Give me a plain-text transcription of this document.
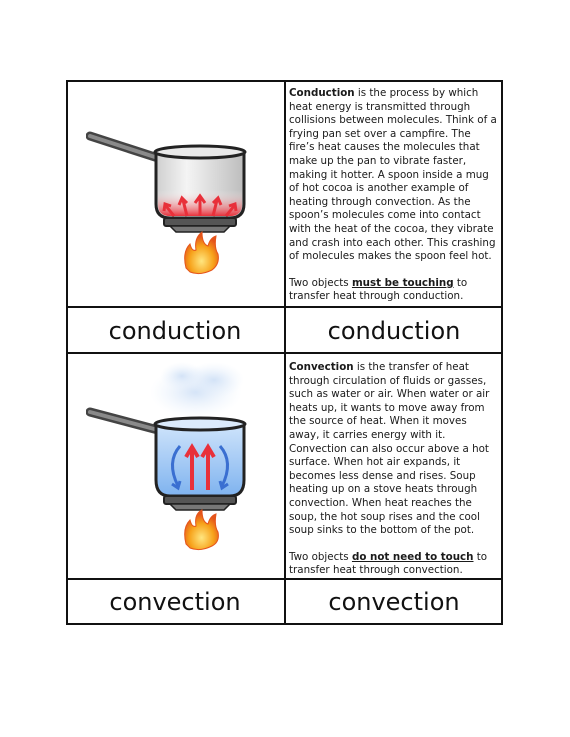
Conduction is the process by which heat energy is transmitted through collisions between molecules. Think of a frying pan set over a campfire. The fire’s heat causes the molecules that make up the pan to vibrate faster, making it hotter. A spoon inside a mug of hot cocoa is another example of heating through convection. As the spoon’s molecules come into contact with the heat of the cocoa, they vibrate and crash into each other. This crashing of molecules makes the spoon feel hot.

Two objects must be touching to transfer heat through conduction.

conduction	conduction

Convection is the transfer of heat through circulation of fluids or gasses, such as water or air. When water or air heats up, it wants to move away from the source of heat. When it moves away, it carries energy with it. Convection can also occur above a hot surface. When hot air expands, it becomes less dense and rises. Soup heating up on a stove heats through convection. When heat reaches the soup, the hot soup rises and the cool soup sinks to the bottom of the pot.

Two objects do not need to touch to transfer heat through convection.

convection	convection
